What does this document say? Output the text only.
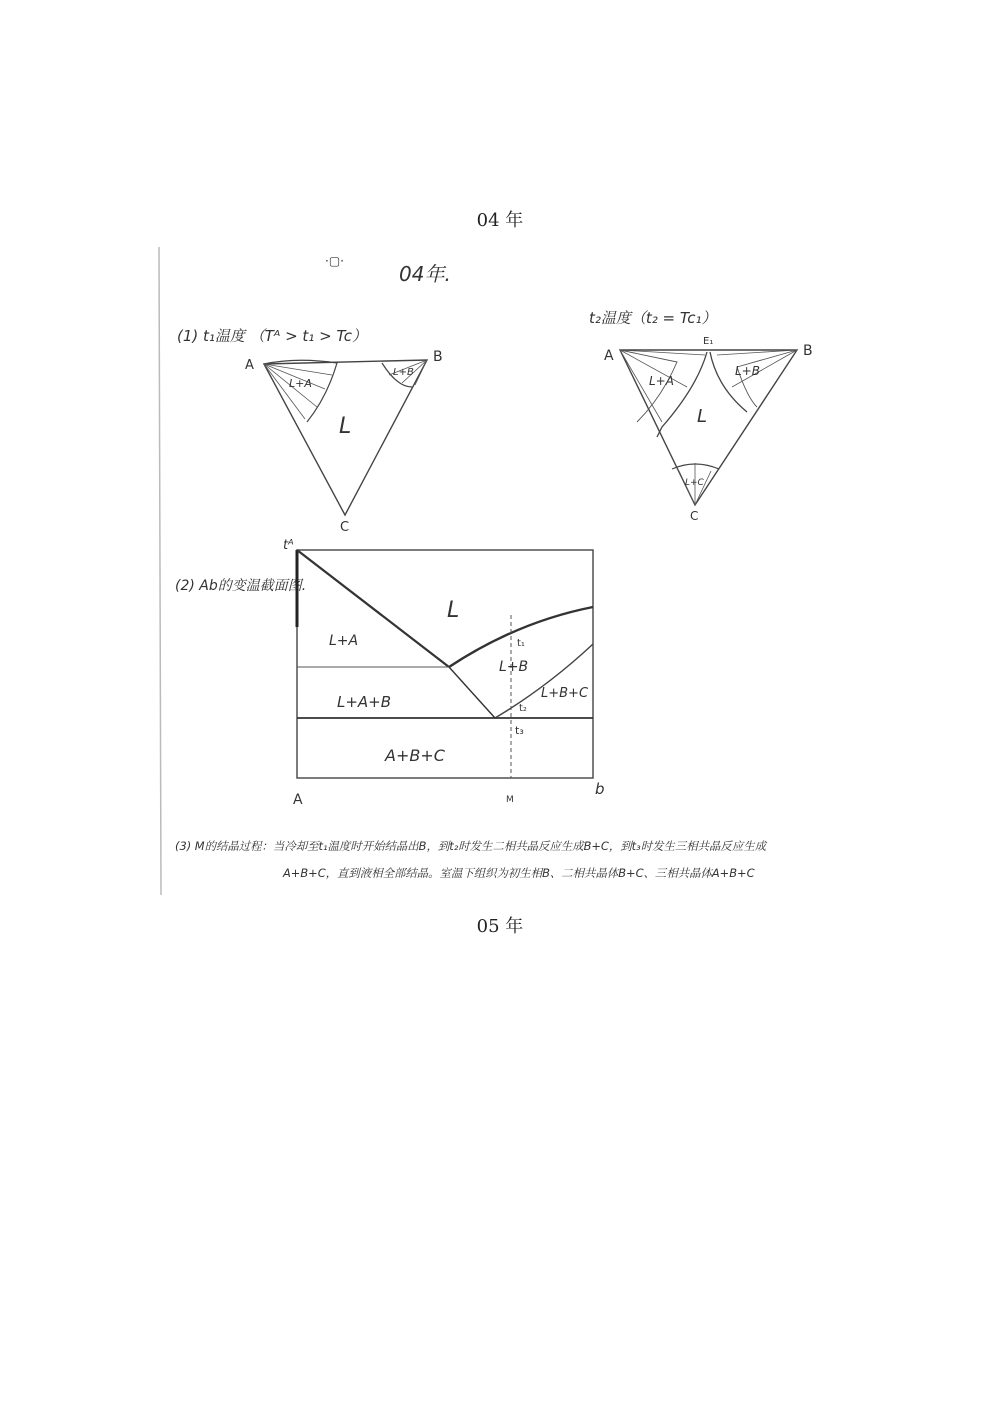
04 年
·▢·
04年.
(1) t₁温度 （Tᴬ > t₁ > Tc）
t₂温度（t₂ = Tc₁）
A
B
C
L+A
L+B
L
A
E₁
B
C
L+A
L+B
L
L+C
(2) Ab的变温截面图.
tᴬ
L
L+A
L+B
L+A+B	L+B+C
A+B+C
t₁
t₂
t₃
A	M
b
(3) M的结晶过程：当冷却至t₁温度时开始结晶出B，到t₂时发生二相共晶反应生成B+C，到t₃时发生三相共晶反应生成
A+B+C，直到液相全部结晶。室温下组织为初生相B、二相共晶体B+C、三相共晶体A+B+C
05 年
